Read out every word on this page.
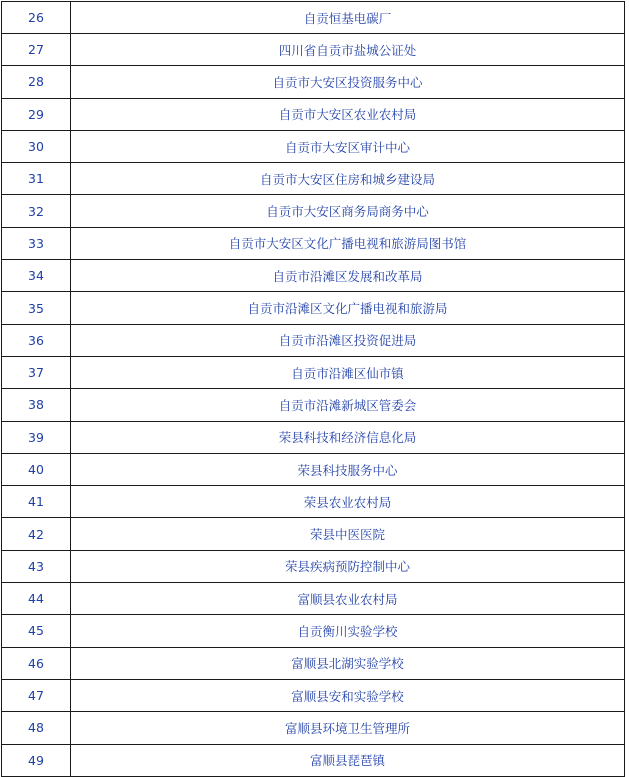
26	自贡恒基电碳厂
27	四川省自贡市盐城公证处
28	自贡市大安区投资服务中心
29	自贡市大安区农业农村局
30	自贡市大安区审计中心
31	自贡市大安区住房和城乡建设局
32	自贡市大安区商务局商务中心
33	自贡市大安区文化广播电视和旅游局图书馆
34	自贡市沿滩区发展和改革局
35	自贡市沿滩区文化广播电视和旅游局
36	自贡市沿滩区投资促进局
37	自贡市沿滩区仙市镇
38	自贡市沿滩新城区管委会
39	荣县科技和经济信息化局
40	荣县科技服务中心
41	荣县农业农村局
42	荣县中医医院
43	荣县疾病预防控制中心
44	富顺县农业农村局
45	自贡衡川实验学校
46	富顺县北湖实验学校
47	富顺县安和实验学校
48	富顺县环境卫生管理所
49	富顺县琵琶镇
